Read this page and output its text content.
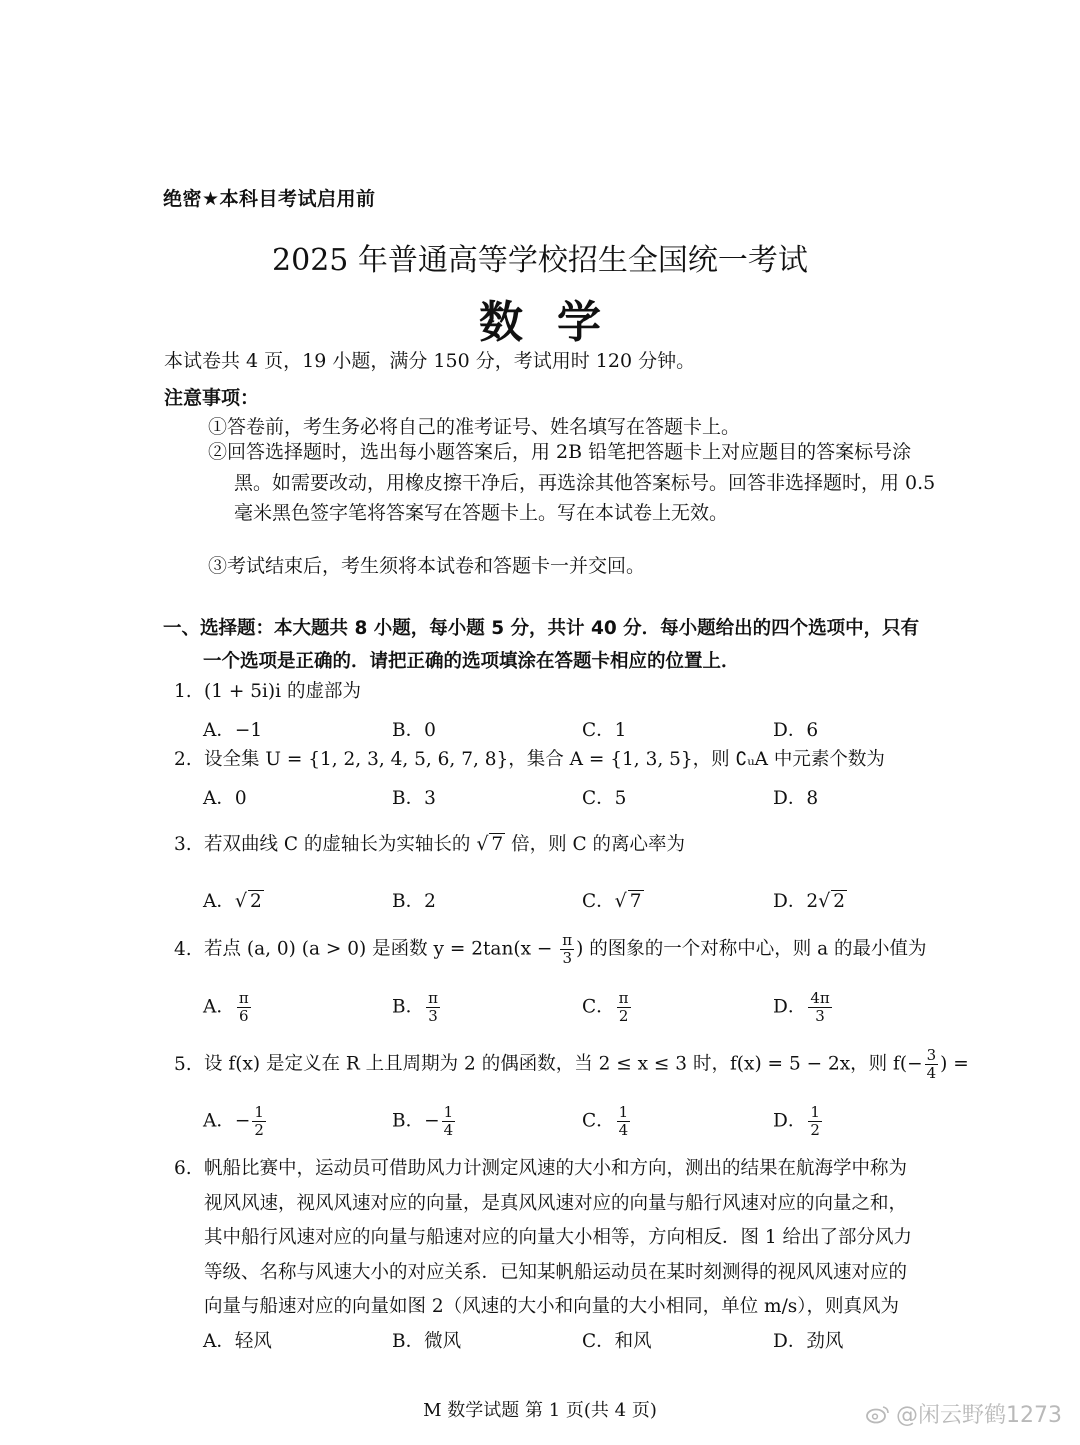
绝密★本科目考试启用前
2025 年普通高等学校招生全国统一考试
数学
本试卷共 4 页，19 小题，满分 150 分，考试用时 120 分钟。
注意事项：
①答卷前，考生务必将自己的准考证号、姓名填写在答题卡上。
②回答选择题时，选出每小题答案后，用 2B 铅笔把答题卡上对应题目的答案标号涂黑。如需要改动，用橡皮擦干净后，再选涂其他答案标号。回答非选择题时，用 0.5 毫米黑色签字笔将答案写在答题卡上。写在本试卷上无效。
③考试结束后，考生须将本试卷和答题卡一并交回。
一、选择题：本大题共 8 小题，每小题 5 分，共计 40 分．每小题给出的四个选项中，只有
一个选项是正确的．请把正确的选项填涂在答题卡相应的位置上．
1. (1 + 5i)i 的虚部为
A．−1	B．0	C．1	D．6
2. 设全集 U = {1, 2, 3, 4, 5, 6, 7, 8}，集合 A = {1, 3, 5}，则 ∁ᵤA 中元素个数为
A．0	B．3	C．5	D．8
3. 若双曲线 C 的虚轴长为实轴长的 √ 7 倍，则 C 的离心率为
A．√ 2	B．2	C．√ 7	D．2√ 2
4. 若点 (a, 0) (a > 0) 是函数 $y = 2\tan(x - \frac{\pi}{3}$ ) 的图象的一个对称中心，则 a 的最小值为
A． $\frac{\pi}{6}$	B． $\frac{\pi}{3}$	C． $\frac{\pi}{2}$	D． $\frac{4\pi}{3}$
5. 设 f(x) 是定义在 R 上且周期为 2 的偶函数，当 2 ≤ x ≤ 3 时，f(x) = 5 − 2x，则 $f(- \frac{3}{4}$ ) =
A．− $\frac{1}{2}$	B．− $\frac{1}{4}$	C． $\frac{1}{4}$	D． $\frac{1}{2}$
6. 帆船比赛中，运动员可借助风力计测定风速的大小和方向，测出的结果在航海学中称为
视风风速，视风风速对应的向量，是真风风速对应的向量与船行风速对应的向量之和，
其中船行风速对应的向量与船速对应的向量大小相等，方向相反．图 1 给出了部分风力
等级、名称与风速大小的对应关系．已知某帆船运动员在某时刻测得的视风风速对应的
向量与船速对应的向量如图 2（风速的大小和向量的大小相同，单位 m/s），则真风为
A．轻风	B．微风	C．和风	D．劲风
M 数学试题 第 1 页(共 4 页)	@闲云野鹤1273
